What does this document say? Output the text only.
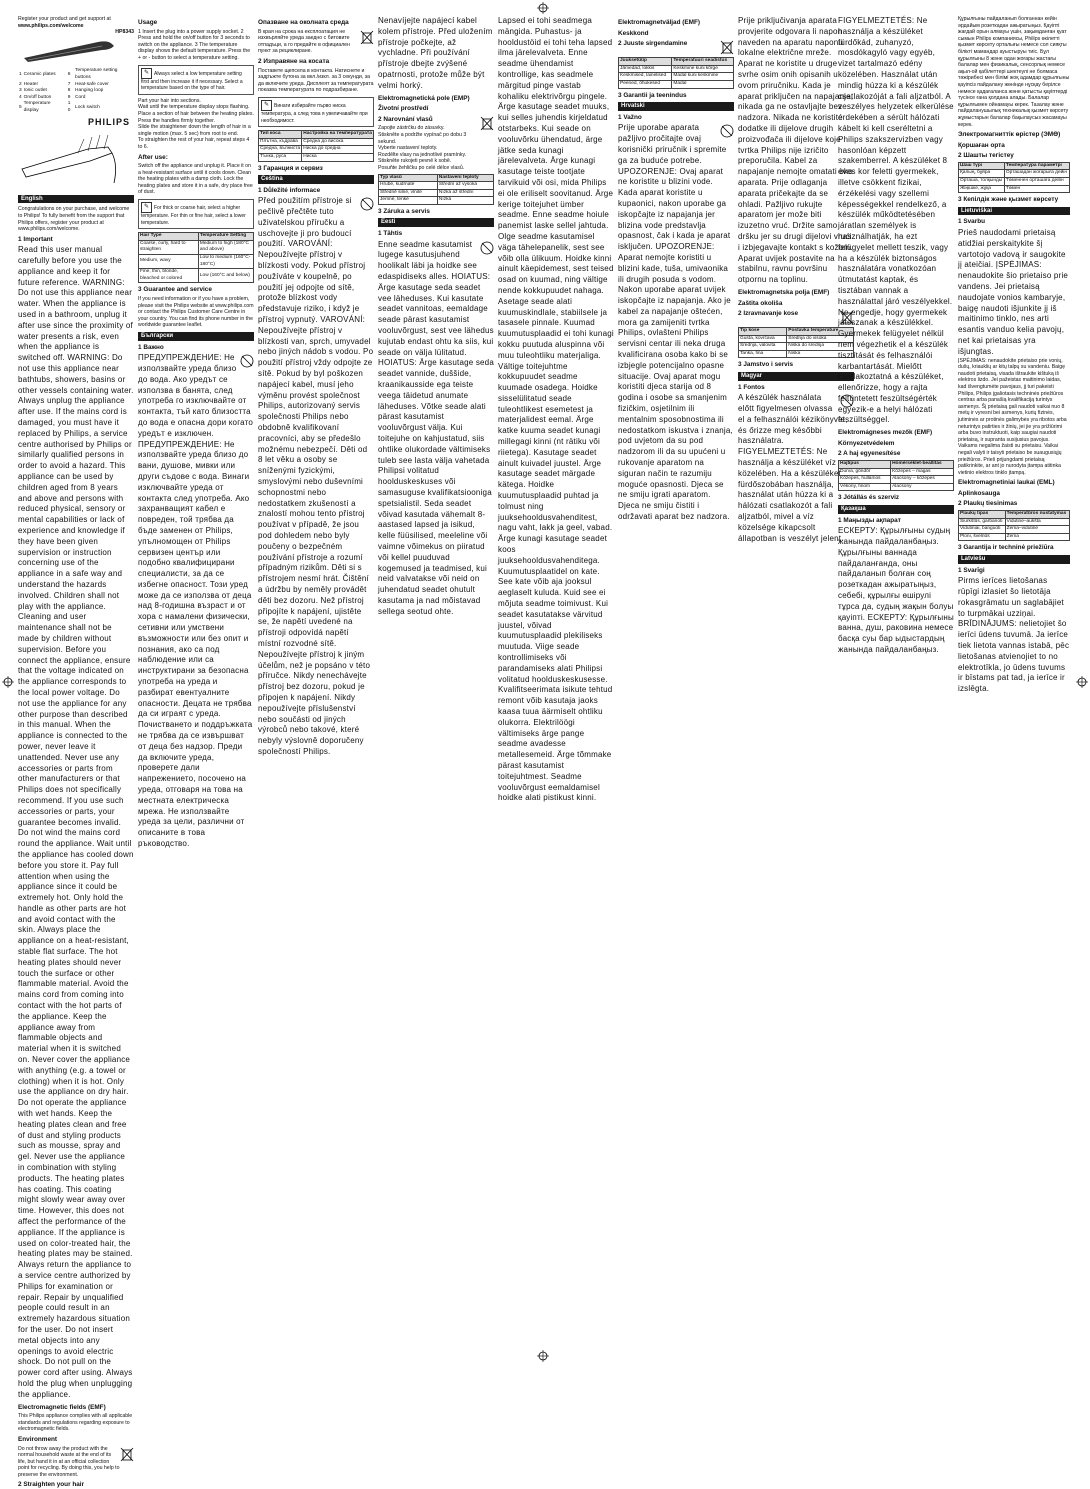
Register your product and get support at
www.philips.com/welcome
HP8343
1	Ceramic plates	6	Temperature setting buttons
2	Heater	7	Heat-safe cover
3	Ionic outlet	8	Hanging loop
4	On/off button	9	Cord
5	Temperature display	10	Lock switch
PHILIPS
English
Congratulations on your purchase, and welcome to Philips! To fully benefit from the support that Philips offers, register your product at www.philips.com/welcome.
1 Important
Read this user manual carefully before you use the appliance and keep it for future reference. WARNING: Do not use this appliance near water. When the appliance is used in a bathroom, unplug it after use since the proximity of water presents a risk, even when the appliance is switched off. WARNING: Do not use this appliance near bathtubs, showers, basins or other vessels containing water. Always unplug the appliance after use. If the mains cord is damaged, you must have it replaced by Philips, a service centre authorised by Philips or similarly qualified persons in order to avoid a hazard. This appliance can be used by children aged from 8 years and above and persons with reduced physical, sensory or mental capabilities or lack of experience and knowledge if they have been given supervision or instruction concerning use of the appliance in a safe way and understand the hazards involved. Children shall not play with the appliance. Cleaning and user maintenance shall not be made by children without supervision. Before you connect the appliance, ensure that the voltage indicated on the appliance corresponds to the local power voltage. Do not use the appliance for any other purpose than described in this manual. When the appliance is connected to the power, never leave it unattended. Never use any accessories or parts from other manufacturers or that Philips does not specifically recommend. If you use such accessories or parts, your guarantee becomes invalid. Do not wind the mains cord round the appliance. Wait until the appliance has cooled down before you store it. Pay full attention when using the appliance since it could be extremely hot. Only hold the handle as other parts are hot and avoid contact with the skin. Always place the appliance on a heat-resistant, stable flat surface. The hot heating plates should never touch the surface or other flammable material. Avoid the mains cord from coming into contact with the hot parts of the appliance. Keep the appliance away from flammable objects and material when it is switched on. Never cover the appliance with anything (e.g. a towel or clothing) when it is hot. Only use the appliance on dry hair. Do not operate the appliance with wet hands. Keep the heating plates clean and free of dust and styling products such as mousse, spray and gel. Never use the appliance in combination with styling products. The heating plates has coating. This coating might slowly wear away over time. However, this does not affect the performance of the appliance. If the appliance is used on color-treated hair, the heating plates may be stained. Always return the appliance to a service centre authorized by Philips for examination or repair. Repair by unqualified people could result in an extremely hazardous situation for the user. Do not insert metal objects into any openings to avoid electric shock. Do not pull on the power cord after using. Always hold the plug when unplugging the appliance.
Electromagnetic fields (EMF)
This Philips appliance complies with all applicable standards and regulations regarding exposure to electromagnetic fields.
Environment
Do not throw away the product with the normal household waste at the end of its life, but hand it in at an official collection point for recycling. By doing this, you help to preserve the environment.
2 Straighten your hair
Usage
1 Insert the plug into a power supply socket. 2 Press and hold the on/off button for 3 seconds to switch on the appliance. 3 The temperature display shows the default temperature. Press the + or - button to select a temperature setting.
✎ Always select a low temperature setting first and then increase it if necessary. Select a temperature based on the type of hair.
Part your hair into sections.
Wait until the temperature display stops flashing.
Place a section of hair between the heating plates.
Press the handles firmly together.
Slide the straightener down the length of hair in a single motion (max. 5 sec) from root to end.
To straighten the rest of your hair, repeat steps 4 to 6.
After use:
Switch off the appliance and unplug it. Place it on a heat-resistant surface until it cools down. Clean the heating plates with a damp cloth. Lock the heating plates and store it in a safe, dry place free of dust.
✎ For thick or coarse hair, select a higher temperature. For thin or fine hair, select a lower temperature.
Hair Type	Temperature Setting
Coarse, curly, hard to straighten	Medium to high (180°C and above)
Medium, wavy	Low to medium (160°C-180°C)
Fine, thin, blonde, bleached or colored	Low (160°C and below)
3 Guarantee and service
If you need information or if you have a problem, please visit the Philips website at www.philips.com or contact the Philips Customer Care Centre in your country. You can find its phone number in the worldwide guarantee leaflet.
Български
1 Важно
ПРЕДУПРЕЖДЕНИЕ: Не използвайте уреда близо до вода. Ако уредът се използва в банята, след употреба го изключвайте от контакта, тъй като близостта до вода е опасна дори когато уредът е изключен. ПРЕДУПРЕЖДЕНИЕ: Не използвайте уреда близо до вани, душове, мивки или други съдове с вода. Винаги изключвайте уреда от контакта след употреба. Ако захранващият кабел е повреден, той трябва да бъде заменен от Philips, упълномощен от Philips сервизен център или подобно квалифицирани специалисти, за да се избегне опасност. Този уред може да се използва от деца над 8-годишна възраст и от хора с намалени физически, сетивни или умствени възможности или без опит и познания, ако са под наблюдение или са инструктирани за безопасна употреба на уреда и разбират евентуалните опасности. Децата не трябва да си играят с уреда. Почистването и поддръжката не трябва да се извършват от деца без надзор. Преди да включите уреда, проверете дали напрежението, посочено на уреда, отговаря на това на местната електрическа мрежа. Не използвайте уреда за цели, различни от описаните в това ръководство.
Опазване на околната среда
В края на срока на експлоатация не изхвърляйте уреда заедно с битовите отпадъци, а го предайте в официален пункт за рециклиране.
2 Изправяне на косата
Поставете щепсела в контакта. Натиснете и задръжте бутона за вкл./изкл. за 3 секунди, за да включите уреда. Дисплеят за температурата показва температурата по подразбиране.
✎ Винаги избирайте първо ниска температура, а след това я увеличавайте при необходимост.
Тип коса	Настройка на температурата
Плътна, къдрава	Средна до висока
Средна, вълниста	Ниска до средна
Тънка, руса	Ниска
3 Гаранция и сервиз
Čeština
1 Důležité informace
Před použitím přístroje si pečlivě přečtěte tuto uživatelskou příručku a uschovejte ji pro budoucí použití. VAROVÁNÍ: Nepoužívejte přístroj v blízkosti vody. Pokud přístroj používáte v koupelně, po použití jej odpojte od sítě, protože blízkost vody představuje riziko, i když je přístroj vypnutý. VAROVÁNÍ: Nepoužívejte přístroj v blízkosti van, sprch, umyvadel nebo jiných nádob s vodou. Po použití přístroj vždy odpojte ze sítě. Pokud by byl poškozen napájecí kabel, musí jeho výměnu provést společnost Philips, autorizovaný servis společnosti Philips nebo obdobně kvalifikovaní pracovníci, aby se předešlo možnému nebezpečí. Děti od 8 let věku a osoby se sníženými fyzickými, smyslovými nebo duševními schopnostmi nebo nedostatkem zkušeností a znalostí mohou tento přístroj používat v případě, že jsou pod dohledem nebo byly poučeny o bezpečném používání přístroje a rozumí případným rizikům. Děti si s přístrojem nesmí hrát. Čištění a údržbu by neměly provádět děti bez dozoru. Než přístroj připojíte k napájení, ujistěte se, že napětí uvedené na přístroji odpovídá napětí místní rozvodné sítě. Nepoužívejte přístroj k jiným účelům, než je popsáno v této příručce. Nikdy nenechávejte přístroj bez dozoru, pokud je připojen k napájení. Nikdy nepoužívejte příslušenství nebo součásti od jiných výrobců nebo takové, které nebyly výslovně doporučeny společností Philips.
Nenavíjejte napájecí kabel kolem přístroje. Před uložením přístroje počkejte, až vychladne. Při používání přístroje dbejte zvýšené opatrnosti, protože může být velmi horký.
Elektromagnetická pole (EMP)
Životní prostředí
2 Narovnání vlasů
Zapojte zástrčku do zásuvky.
Stiskněte a podržte vypínač po dobu 3 sekund.
Vyberte nastavení teploty.
Rozdělte vlasy na jednotlivé pramínky.
Stiskněte rukojeti pevně k sobě.
Posuňte žehličku po celé délce vlasů.
Typ vlasů	Nastavení teploty
Hrubé, kudrnaté	Střední až vysoká
Středně silné, vlnité	Nízká až střední
Jemné, tenké	Nízká
3 Záruka a servis
Eesti
1 Tähtis
Enne seadme kasutamist lugege kasutusjuhend hoolikalt läbi ja hoidke see edaspidiseks alles. HOIATUS: Ärge kasutage seda seadet vee läheduses. Kui kasutate seadet vannitoas, eemaldage seade pärast kasutamist vooluvõrgust, sest vee lähedus kujutab endast ohtu ka siis, kui seade on välja lülitatud. HOIATUS: Ärge kasutage seda seadet vannide, duššide, kraanikausside ega teiste veega täidetud anumate läheduses. Võtke seade alati pärast kasutamist vooluvõrgust välja. Kui toitejuhe on kahjustatud, siis ohtlike olukordade vältimiseks tuleb see lasta välja vahetada Philipsi volitatud hoolduskeskuses või samasuguse kvalifikatsiooniga spetsialistil. Seda seadet võivad kasutada vähemalt 8-aastased lapsed ja isikud, kelle füüsilised, meeleline või vaimne võimekus on piiratud või kellel puuduvad kogemused ja teadmised, kui neid valvatakse või neid on juhendatud seadet ohutult kasutama ja nad mõistavad sellega seotud ohte.
Lapsed ei tohi seadmega mängida. Puhastus- ja hooldustöid ei tohi teha lapsed ilma järelevalveta. Enne seadme ühendamist kontrollige, kas seadmele märgitud pinge vastab kohaliku elektrivõrgu pingele. Ärge kasutage seadet muuks, kui selles juhendis kirjeldatud otstarbeks. Kui seade on vooluvõrku ühendatud, ärge jätke seda kunagi järelevalveta. Ärge kunagi kasutage teiste tootjate tarvikuid või osi, mida Philips ei ole eriliselt soovitanud. Ärge kerige toitejuhet ümber seadme. Enne seadme hoiule panemist laske sellel jahtuda. Olge seadme kasutamisel väga tähelepanelik, sest see võib olla ülikuum. Hoidke kinni ainult käepidemest, sest teised osad on kuumad, ning vältige nende kokkupuudet nahaga. Asetage seade alati kuumuskindlale, stabiilsele ja tasasele pinnale. Kuumad kuumutusplaadid ei tohi kunagi kokku puutuda aluspinna või muu tuleohtliku materjaliga. Vältige toitejuhtme kokkupuudet seadme kuumade osadega. Hoidke sisselülitatud seade tuleohtlikest esemetest ja materjalidest eemal. Ärge katke kuuma seadet kunagi millegagi kinni (nt rätiku või riietega). Kasutage seadet ainult kuivadel juustel. Ärge kasutage seadet märgade kätega. Hoidke kuumutusplaadid puhtad ja tolmust ning juuksehooldusvahenditest, nagu vaht, lakk ja geel, vabad. Ärge kunagi kasutage seadet koos juuksehooldusvahenditega. Kuumutusplaatidel on kate. See kate võib aja jooksul aeglaselt kuluda. Kuid see ei mõjuta seadme toimivust. Kui seadet kasutatakse värvitud juustel, võivad kuumutusplaadid plekiliseks muutuda. Viige seade kontrollimiseks või parandamiseks alati Philipsi volitatud hoolduskeskusesse. Kvalifitseerimata isikute tehtud remont võib kasutaja jaoks kaasa tuua äärmiselt ohtliku olukorra. Elektrilöögi vältimiseks ärge pange seadme avadesse metallesemeid. Ärge tõmmake pärast kasutamist toitejuhtmest. Seadme vooluvõrgust eemaldamisel hoidke alati pistikust kinni.
Elektromagnetväljad (EMF)
Keskkond
2 Juuste sirgendamine
Juuksetüüp	Temperatuuri seadistus
Jämedad, lokkis	Keskmine kuni kõrge
Keskmised, lainelised	Madal kuni keskmine
Peened, õhukesed	Madal
3 Garantii ja teenindus
Hrvatski
1 Važno
Prije uporabe aparata pažljivo pročitajte ovaj korisnički priručnik i spremite ga za buduće potrebe. UPOZORENJE: Ovaj aparat ne koristite u blizini vode. Kada aparat koristite u kupaonici, nakon uporabe ga iskopčajte iz napajanja jer blizina vode predstavlja opasnost, čak i kada je aparat isključen. UPOZORENJE: Aparat nemojte koristiti u blizini kade, tuša, umivaonika ili drugih posuda s vodom. Nakon uporabe aparat uvijek iskopčajte iz napajanja. Ako je kabel za napajanje oštećen, mora ga zamijeniti tvrtka Philips, ovlašteni Philips servisni centar ili neka druga kvalificirana osoba kako bi se izbjegle potencijalno opasne situacije. Ovaj aparat mogu koristiti djeca starija od 8 godina i osobe sa smanjenim fizičkim, osjetilnim ili mentalnim sposobnostima ili nedostatkom iskustva i znanja, pod uvjetom da su pod nadzorom ili da su upućeni u rukovanje aparatom na siguran način te razumiju moguće opasnosti. Djeca se ne smiju igrati aparatom. Djeca ne smiju čistiti i održavati aparat bez nadzora.
Prije priključivanja aparata provjerite odgovara li napon naveden na aparatu naponu lokalne električne mreže. Aparat ne koristite u druge svrhe osim onih opisanih u ovom priručniku. Kada je aparat priključen na napajanje, nikada ga ne ostavljajte bez nadzora. Nikada ne koristite dodatke ili dijelove drugih proizvođača ili dijelove koje tvrtka Philips nije izričito preporučila. Kabel za napajanje nemojte omatati oko aparata. Prije odlaganja aparata pričekajte da se ohladi. Pažljivo rukujte aparatom jer može biti izuzetno vruć. Držite samo dršku jer su drugi dijelovi vrući i izbjegavajte kontakt s kožom. Aparat uvijek postavite na stabilnu, ravnu površinu otpornu na toplinu.
Elektromagnetska polja (EMF)
Zaštita okoliša
2 Izravnavanje kose
Tip kose	Postavka temperature
Gusta, kovrčava	Srednja do visoka
Srednja, valovita	Niska do srednja
Tanka, fina	Niska
3 Jamstvo i servis
Magyar
1 Fontos
A készülék használata előtt figyelmesen olvassa el a felhasználói kézikönyvet, és őrizze meg későbbi használatra. FIGYELMEZTETÉS: Ne használja a készüléket víz közelében. Ha a készüléket fürdőszobában használja, használat után húzza ki a hálózati csatlakozót a fali aljzatból, mivel a víz közelsége kikapcsolt állapotban is veszélyt jelent.
FIGYELMEZTETÉS: Ne használja a készüléket fürdőkád, zuhanyzó, mosdókagyló vagy egyéb, vizet tartalmazó edény közelében. Használat után mindig húzza ki a készülék csatlakozóját a fali aljzatból. A veszélyes helyzetek elkerülése érdekében a sérült hálózati kábelt ki kell cseréltetni a Philips szakszervizben vagy hasonlóan képzett szakemberrel. A készüléket 8 éves kor feletti gyermekek, illetve csökkent fizikai, érzékelési vagy szellemi képességekkel rendelkező, a készülék működtetésében járatlan személyek is használhatják, ha ezt felügyelet mellett teszik, vagy ha a készülék biztonságos használatára vonatkozóan útmutatást kaptak, és tisztában vannak a használattal járó veszélyekkel. Ne engedje, hogy gyermekek játsszanak a készülékkel. Gyermekek felügyelet nélkül nem végezhetik el a készülék tisztítását és felhasználói karbantartását. Mielőtt csatlakoztatná a készüléket, ellenőrizze, hogy a rajta feltüntetett feszültségérték egyezik-e a helyi hálózati feszültséggel.
Elektromágneses mezők (EMF)
Környezetvédelem
2 A haj egyenesítése
Hajtípus	Hőmérséklet-beállítás
Durva, göndör	Közepes – magas
Közepes, hullámos	Alacsony – közepes
Vékony, finom	Alacsony
3 Jótállás és szerviz
Қазақша
1 Маңызды ақпарат
ЕСКЕРТУ: Құрылғыны судың жанында пайдаланбаңыз. Құрылғыны ваннада пайдаланғанда, оны пайдаланып болған соң розеткадан ажыратыңыз, себебі, құрылғы өшірулі тұрса да, судың жақын болуы қауіпті. ЕСКЕРТУ: Құрылғыны ванна, душ, раковина немесе басқа суы бар ыдыстардың жанында пайдаланбаңыз.
Құрылғыны пайдаланып болғаннан кейін әрдайым розеткадан ажыратыңыз. Қауіпті жағдай орын алмауы үшін, зақымданған қуат сымын Philips компаниясы, Philips өкілетті қызмет көрсету орталығы немесе сол сияқты білікті мамандар ауыстыруы тиіс. Бұл құрылғыны 8 және одан жоғары жастағы балалар мен физикалық, сенсорлық немесе ақыл-ой қабілеттері шектеулі не болмаса тәжірибесі мен білімі жоқ адамдар құрылғыны қауіпсіз пайдалану жөнінде нұсқау берілсе немесе қадағаланса және қатысты қауіптерді түсінсе ғана қолдана алады. Балалар құрылғымен ойнамауы керек. Тазалау және пайдаланушылық техникалық қызмет көрсету жұмыстарын балалар бақылаусыз жасамауы керек.
Электромагниттік өрістер (ЭМӨ)
Қоршаған орта
2 Шашты тегістеу
Шаш түрі	Температура параметрі
Қалың, бұйра	Орташадан жоғарыға дейін
Орташа, толқынды	Төменнен орташаға дейін
Жіңішке, жұқа	Төмен
3 Кепілдік және қызмет көрсету
Lietuviškai
1 Svarbu
Prieš naudodami prietaisą atidžiai perskaitykite šį vartotojo vadovą ir saugokite jį ateičiai. ĮSPĖJIMAS: nenaudokite šio prietaiso prie vandens. Jei prietaisą naudojate vonios kambaryje, baigę naudoti išjunkite jį iš maitinimo tinklo, nes arti esantis vanduo kelia pavojų, net kai prietaisas yra išjungtas.
ĮSPĖJIMAS: nenaudokite prietaiso prie vonių, dušų, kriauklių ar kitų talpų su vandeniu. Baigę naudoti prietaisą, visada ištraukite kištuką iš elektros lizdo. Jei pažeistas maitinimo laidas, kad išvengtumėte pavojaus, jį turi pakeisti Philips, Philips įgaliotasis techninės priežiūros centras arba panašią kvalifikaciją turintys asmenys. Šį prietaisą gali naudoti vaikai nuo 8 metų ir vyresni bei asmenys, kurių fizinės, jutiminės ar protinės galimybės yra ribotos arba neturintys patirties ir žinių, jei jie yra prižiūrimi arba buvo instruktuoti, kaip saugiai naudoti prietaisą, ir supranta susijusius pavojus. Vaikams negalima žaisti su prietaisu. Vaikai negali valyti ir taisyti prietaiso be suaugusiųjų priežiūros. Prieš prijungdami prietaisą patikrinkite, ar ant jo nurodyta įtampa atitinka vietinio elektros tinklo įtampą.
Elektromagnetiniai laukai (EML)
Aplinkosauga
2 Plaukų tiesinimas
Plaukų tipas	Temperatūros nustatymas
Šiurkštūs, garbanoti	Vidutinė–aukšta
Vidutiniai, banguoti	Žema–vidutinė
Ploni, švelnūs	Žema
3 Garantija ir techninė priežiūra
Latviešu
1 Svarīgi
Pirms ierīces lietošanas rūpīgi izlasiet šo lietotāja rokasgrāmatu un saglabājiet to turpmākai uzziņai. BRĪDINĀJUMS: nelietojiet šo ierīci ūdens tuvumā. Ja ierīce tiek lietota vannas istabā, pēc lietošanas atvienojiet to no elektrotīkla, jo ūdens tuvums ir bīstams pat tad, ja ierīce ir izslēgta.
